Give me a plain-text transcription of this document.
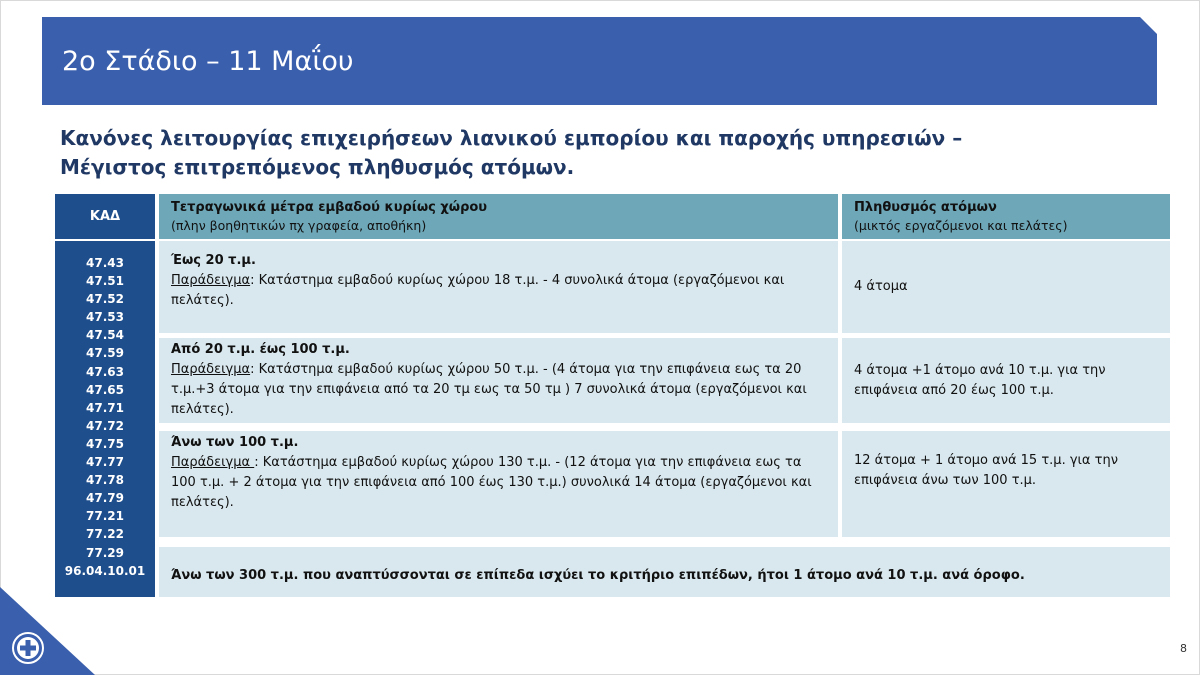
2ο Στάδιο – 11 Μαΐου
Κανόνες λειτουργίας επιχειρήσεων λιανικού εμπορίου και παροχής υπηρεσιών – Μέγιστος επιτρεπόμενος πληθυσμός ατόμων.
ΚΑΔ
Τετραγωνικά μέτρα εμβαδού κυρίως χώρου
(πλην βοηθητικών πχ γραφεία, αποθήκη)
Πληθυσμός ατόμων
(μικτός εργαζόμενοι και πελάτες)
47.43
47.51
47.52
47.53
47.54
47.59
47.63
47.65
47.71
47.72
47.75
47.77
47.78
47.79
77.21
77.22
77.29
96.04.10.01
Έως 20 τ.μ.
Παράδειγμα: Κατάστημα εμβαδού κυρίως χώρου 18 τ.μ. - 4 συνολικά άτομα (εργαζόμενοι και πελάτες).
4 άτομα
Από 20 τ.μ. έως 100 τ.μ.
Παράδειγμα: Κατάστημα εμβαδού κυρίως χώρου 50 τ.μ. - (4 άτομα για την επιφάνεια εως τα 20 τ.μ.+3 άτομα για την επιφάνεια από τα 20 τμ εως τα 50 τμ ) 7 συνολικά άτομα (εργαζόμενοι και πελάτες).
4 άτομα +1 άτομο ανά 10 τ.μ. για την επιφάνεια από 20 έως 100 τ.μ.
Άνω των 100 τ.μ.
Παράδειγμα : Κατάστημα εμβαδού κυρίως χώρου 130 τ.μ. - (12 άτομα για την επιφάνεια εως τα 100 τ.μ. + 2 άτομα για την επιφάνεια από 100 έως 130 τ.μ.) συνολικά 14 άτομα (εργαζόμενοι και πελάτες).
12 άτομα + 1 άτομο ανά 15 τ.μ. για την επιφάνεια άνω των 100 τ.μ.
Άνω των 300 τ.μ. που αναπτύσσονται σε επίπεδα ισχύει το κριτήριο επιπέδων, ήτοι 1 άτομο ανά 10 τ.μ. ανά όροφο.
8
